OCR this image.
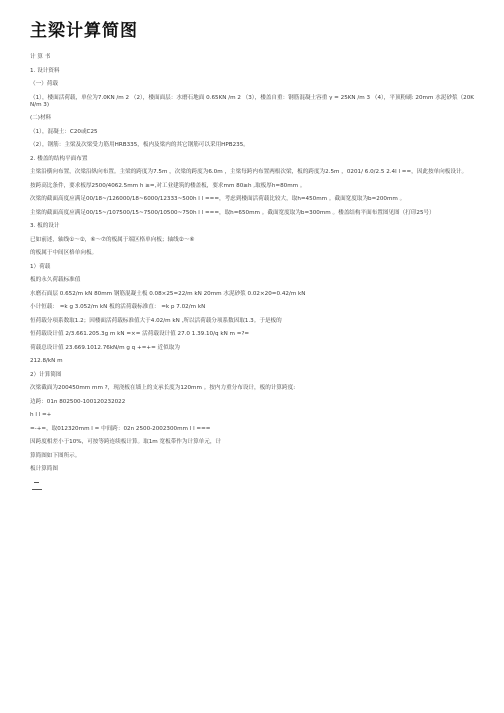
主梁计算简图

计 算 书

1. 设计资料

（一）荷载

（1），楼面活荷载，单位为7.0KN /m 2 （2），楼面面层：水磨石地面 0.65KN /m 2 （3），楼盖自重：钢筋混凝土容重 γ = 25KN /m 3 （4），平顶粉刷: 20mm 水泥砂浆（20KN/m 3)

(二)材料

（1），混凝土：C20或C25

（2），钢筋：主梁及次梁受力筋用HRB335，板内及梁内的其它钢筋可以采用HPB235。

2. 楼盖的结构平面布置

主梁沿横向布置，次梁沿纵向布置。主梁的跨度为7.5m ，次梁的跨度为6.0m ，主梁每跨内布置两根次梁，板的跨度为2.5m ，0201/ 6.0/2.5 2.4l l ==，因此按单向板设计。

按跨高比条件，要求板厚2500/4062.5mm h ≥=,对工业建筑的楼盖板，要求mm 80≥h ,取板厚h=80mm 。

次梁的截面高度应满足00/18~/126000/18~6000/12333~500h l l ===，考虑到楼面活荷载比较大，取h=450mm 。截面宽度取为b=200mm 。

主梁的截面高度应满足00/15~/107500/15~7500/10500~750h l l ===，取h=650mm 。截面宽度取为b=300mm 。楼盖结构平面布置图见图（打印25号）

3. 板的设计

已如前述，轴线①～②，⑥～⑦的板属于端区格单向板；轴线②～⑥

的板属于中间区格单向板。

1）荷载

板的永久荷载标准值

水磨石面层 0.652/m kN 80mm 钢筋混凝土板 0.08×25=22/m kN 20mm 水泥砂浆 0.02×20=0.42/m kN

小计恒载： =k g 3.052/m kN 板的活荷载标准直： =k p 7.02/m kN

恒荷载分项系数取1.2；因楼面活荷载标准值大于4.02/m kN ,所以活荷载分项系数因取1.3。于是板的

恒荷载设计值 2/3.661.205.3g m kN =×= 活荷载设计值 27.0 1.39.10/q kN m =?=

荷载总设计值 23.669.1012.76kN/m g q +=+= 近似取为

212.8/kN m

2）计算简图

次梁截面为200450mm mm ?，现浇板在墙上的支承长度为120mm 。按内力重分布设计，板的计算跨度:

边跨：01n 802500-100120232022

h l l =+

=-+=，取012320mm l = 中间跨：02n 2500-2002300mm l l ===

因跨度相差小于10%，可按等跨连续板计算。取1m 宽板带作为计算单元，计

算简图如下图所示。

板计算简图
